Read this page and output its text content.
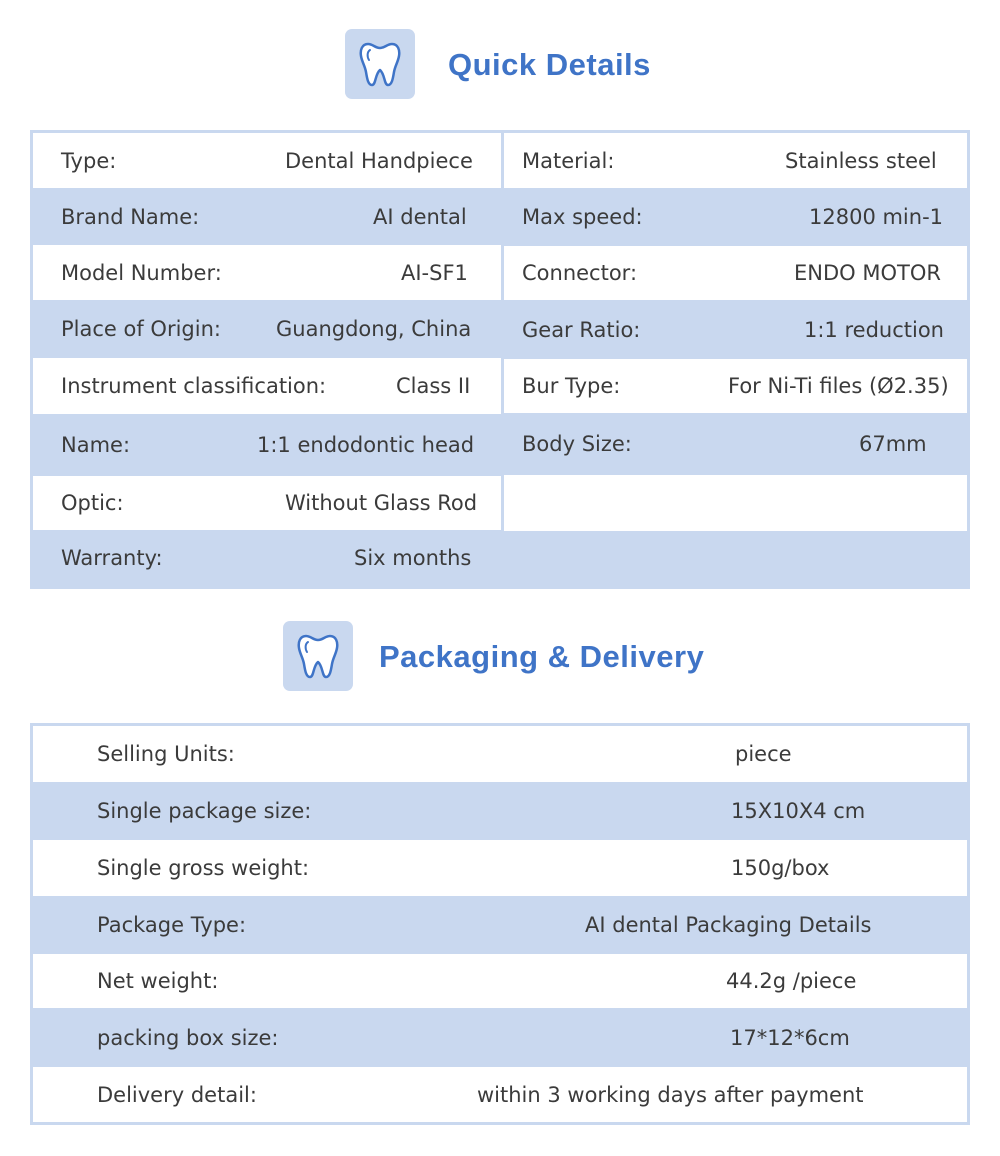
Quick Details
Type:	Dental Handpiece
Brand Name:	AI dental
Model Number:	AI-SF1
Place of Origin:	Guangdong, China
Instrument classification:	Class II
Name:	1:1 endodontic head
Optic:	Without Glass Rod
Warranty:	Six months
Material:	Stainless steel
Max speed:	12800 min-1
Connector:	ENDO MOTOR
Gear Ratio:	1:1 reduction
Bur Type:	For Ni-Ti files (Ø2.35)
Body Size:	67mm
Packaging & Delivery
Selling Units:	piece
Single package size:	15X10X4 cm
Single gross weight:	150g/box
Package Type:	AI dental Packaging Details
Net weight:	44.2g /piece
packing box size:	17*12*6cm
Delivery detail:	within 3 working days after payment
